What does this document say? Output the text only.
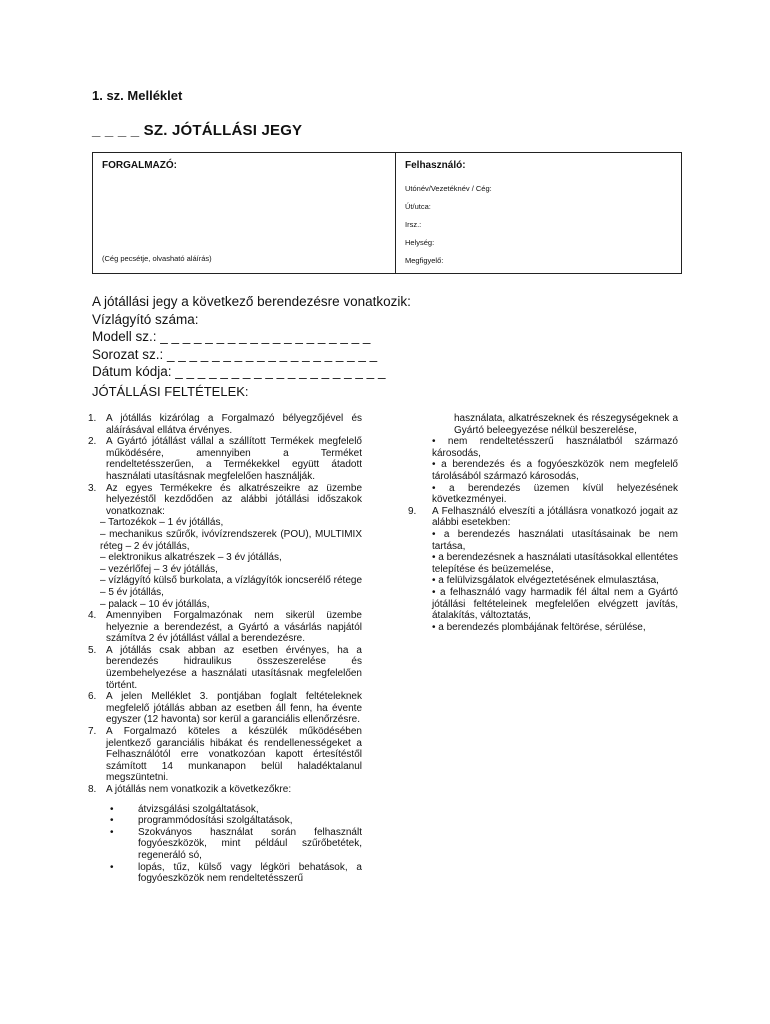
1. sz. Melléklet
_ _ _ _ SZ. JÓTÁLLÁSI JEGY
FORGALMAZÓ:
(Cég pecsétje, olvasható aláírás)
Felhasználó:
Utónév/Vezetéknév / Cég:
Út/utca:
Irsz.:
Helység:
Megfigyelő:
A jótállási jegy a következő berendezésre vonatkozik:
Vízlágyító száma:
Modell sz.: _ _ _ _ _ _ _ _ _ _ _ _ _ _ _ _ _ _ _
Sorozat sz.: _ _ _ _ _ _ _ _ _ _ _ _ _ _ _ _ _ _ _
Dátum kódja: _ _ _ _ _ _ _ _ _ _ _ _ _ _ _ _ _ _ _
JÓTÁLLÁSI FELTÉTELEK:
1. A jótállás kizárólag a Forgalmazó bélyegzőjével és aláírásával ellátva érvényes.
2. A Gyártó jótállást vállal a szállított Termékek megfelelő működésére, amennyiben a Terméket rendeltetésszerűen, a Termékekkel együtt átadott használati utasításnak megfelelően használják.
3. Az egyes Termékekre és alkatrészeikre az üzembe helyezéstől kezdődően az alábbi jótállási időszakok vonatkoznak:
– Tartozékok – 1 év jótállás,
– mechanikus szűrők, ivóvízrendszerek (POU), MULTIMIX réteg – 2 év jótállás,
– elektronikus alkatrészek – 3 év jótállás,
– vezérlőfej – 3 év jótállás,
– vízlágyító külső burkolata, a vízlágyítók ioncserélő rétege – 5 év jótállás,
– palack – 10 év jótállás,
4. Amennyiben Forgalmazónak nem sikerül üzembe helyeznie a berendezést, a Gyártó a vásárlás napjától számítva 2 év jótállást vállal a berendezésre.
5. A jótállás csak abban az esetben érvényes, ha a berendezés hidraulikus összeszerelése és üzembehelyezése a használati utasításnak megfelelően történt.
6. A jelen Melléklet 3. pontjában foglalt feltételeknek megfelelő jótállás abban az esetben áll fenn, ha évente egyszer (12 havonta) sor kerül a garanciális ellenőrzésre.
7. A Forgalmazó köteles a készülék működésében jelentkező garanciális hibákat és rendellenességeket a Felhasználótól erre vonatkozóan kapott értesítéstől számított 14 munkanapon belül haladéktalanul megszüntetni.
8. A jótállás nem vonatkozik a következőkre:
•	átvizsgálási szolgáltatások,
•	programmódosítási szolgáltatások,
•	Szokványos használat során felhasznált fogyóeszközök, mint például szűrőbetétek, regeneráló só,
•	lopás, tűz, külső vagy légköri behatások, a fogyóeszközök nem rendeltetésszerű
használata, alkatrészeknek és részegységeknek a Gyártó beleegyezése nélkül beszerelése,
• nem rendeltetésszerű használatból származó károsodás,
• a berendezés és a fogyóeszközök nem megfelelő tárolásából származó károsodás,
• a berendezés üzemen kívül helyezésének következményei.
9.	A Felhasználó elveszíti a jótállásra vonatkozó jogait az alábbi esetekben:
• a berendezés használati utasításainak be nem tartása,
• a berendezésnek a használati utasításokkal ellentétes telepítése és beüzemelése,
• a felülvizsgálatok elvégeztetésének elmulasztása,
• a felhasználó vagy harmadik fél által nem a Gyártó jótállási feltételeinek megfelelően elvégzett javítás, átalakítás, változtatás,
• a berendezés plombájának feltörése, sérülése,
